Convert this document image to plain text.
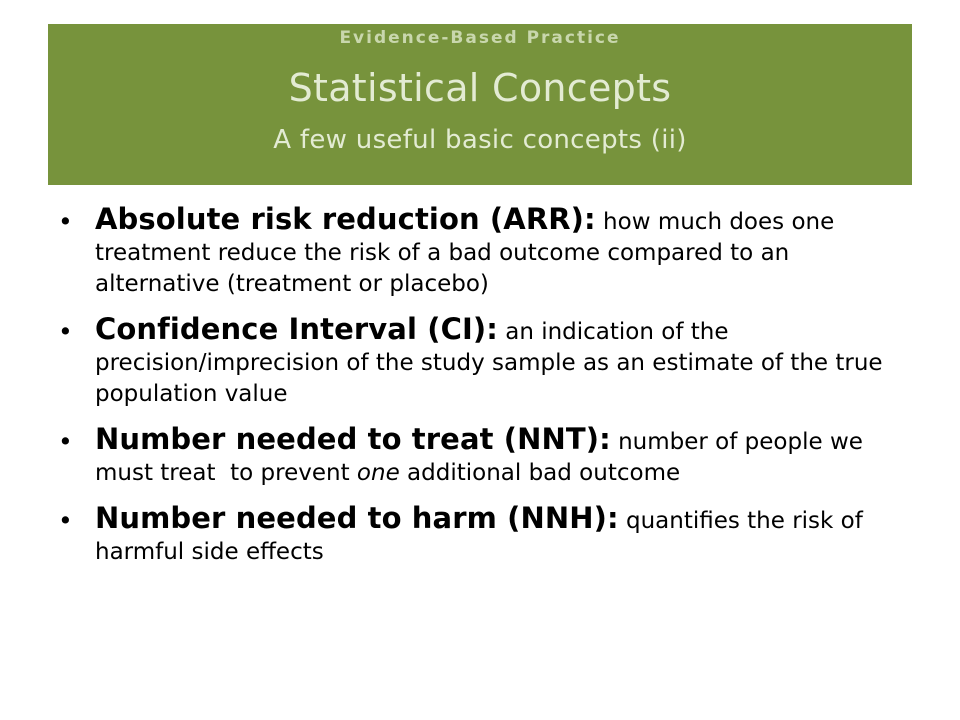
Evidence-Based Practice
Statistical Concepts
A few useful basic concepts (ii)
• Absolute risk reduction (ARR): how much does one treatment reduce the risk of a bad outcome compared to an alternative (treatment or placebo)
• Confidence Interval (CI): an indication of the precision/imprecision of the study sample as an estimate of the true population value
• Number needed to treat (NNT): number of people we must treat  to prevent one additional bad outcome
• Number needed to harm (NNH): quantifies the risk of harmful side effects
